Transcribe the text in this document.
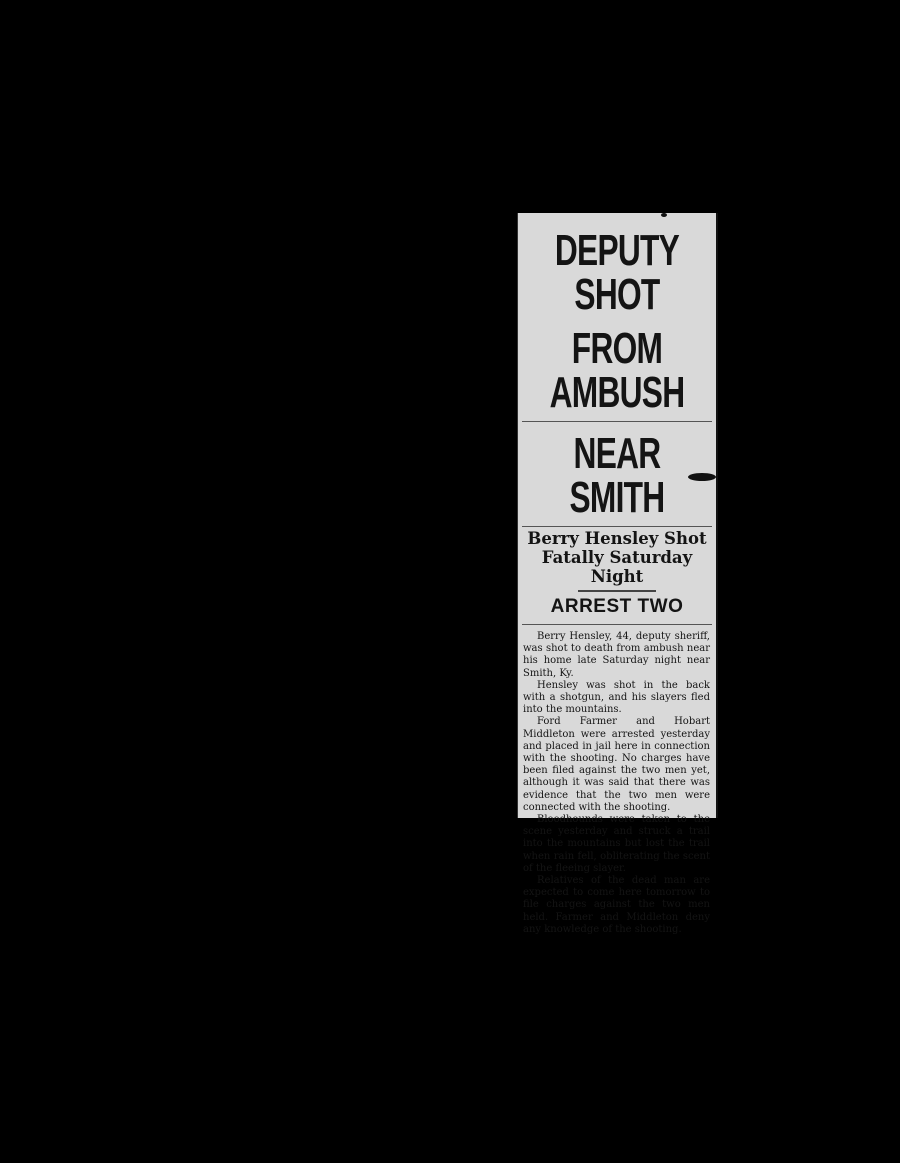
DEPUTY SHOT
FROM AMBUSH
NEAR SMITH
Berry Hensley Shot Fatally Saturday Night
ARREST TWO

Berry Hensley, 44, deputy sheriff, was shot to death from ambush near his home late Saturday night near Smith, Ky.

Hensley was shot in the back with a shotgun, and his slayers fled into the mountains.

Ford Farmer and Hobart Middleton were arrested yesterday and placed in jail here in connection with the shooting. No charges have been filed against the two men yet, although it was said that there was evidence that the two men were connected with the shooting.

Bloodhounds were taken to the scene yesterday and struck a trail into the mountains but lost the trail when rain fell, obliterating the scent of the fleeing slayer.

Relatives of the dead man are expected to come here tomorrow to file charges against the two men held. Farmer and Middleton deny any knowledge of the shooting.
